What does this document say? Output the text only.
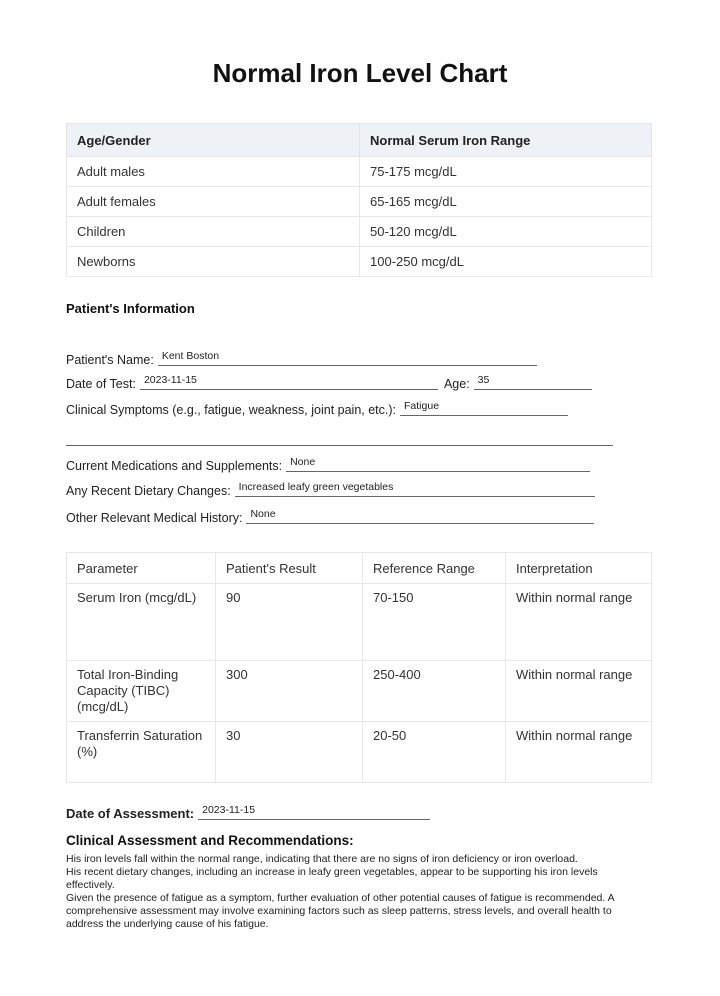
Normal Iron Level Chart
Age/Gender	Normal Serum Iron Range
Adult males	75-175 mcg/dL
Adult females	65-165 mcg/dL
Children	50-120 mcg/dL
Newborns	100-250 mcg/dL
Patient's Information
Patient's Name: Kent Boston
Date of Test: 2023-11-15	Age: 35
Clinical Symptoms (e.g., fatigue, weakness, joint pain, etc.): Fatigue
Current Medications and Supplements: None
Any Recent Dietary Changes: Increased leafy green vegetables
Other Relevant Medical History: None
Parameter	Patient's Result	Reference Range	Interpretation
Serum Iron (mcg/dL)	90	70-150	Within normal range
Total Iron-Binding Capacity (TIBC) (mcg/dL)	300	250-400	Within normal range
Transferrin Saturation (%)	30	20-50	Within normal range
Date of Assessment: 2023-11-15
Clinical Assessment and Recommendations:

His iron levels fall within the normal range, indicating that there are no signs of iron deficiency or iron overload.

His recent dietary changes, including an increase in leafy green vegetables, appear to be supporting his iron levels effectively.

Given the presence of fatigue as a symptom, further evaluation of other potential causes of fatigue is recommended. A comprehensive assessment may involve examining factors such as sleep patterns, stress levels, and overall health to address the underlying cause of his fatigue.
